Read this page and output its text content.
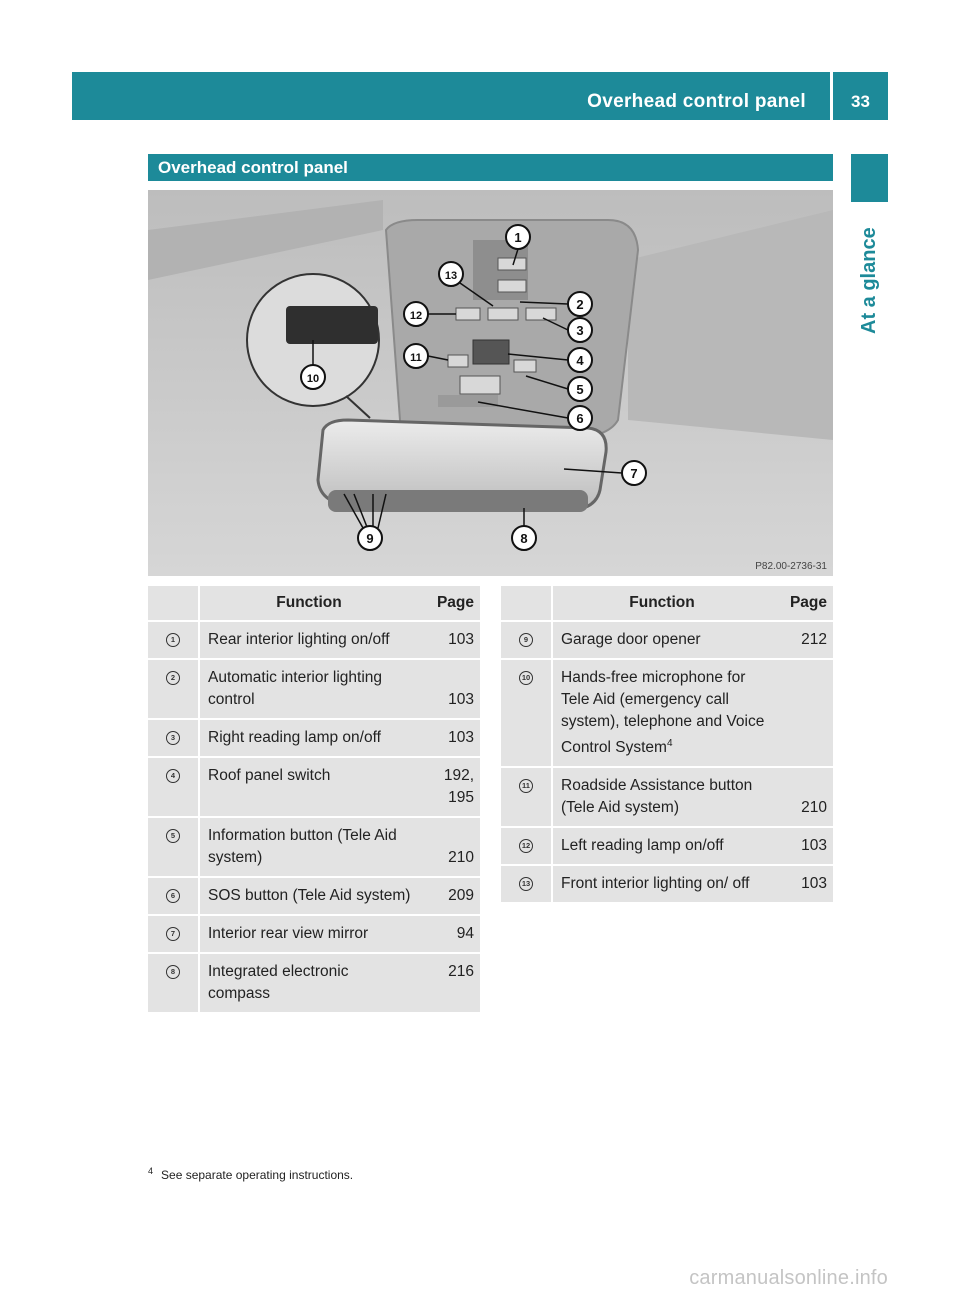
Overhead control panel	33
At a glance
Overhead control panel
1
2
3
4
5
6
7
8
9
10
11
12
13
P82.00-2736-31
	Function	Page
1	Rear interior lighting on/off	103
2	Automatic interior lighting control	103
3	Right reading lamp on/off	103
4	Roof panel switch	192, 195
5	Information button (Tele Aid system)	210
6	SOS button (Tele Aid system)	209
7	Interior rear view mirror	94
8	Integrated electronic compass	216
	Function	Page
9	Garage door opener	212
10	Hands-free microphone for Tele Aid (emergency call system), telephone and Voice Control System$^4$	
11	Roadside Assistance button (Tele Aid system)	210
12	Left reading lamp on/off	103
13	Front interior lighting on/ off	103
$^4$ See separate operating instructions.
carmanualsonline.info
